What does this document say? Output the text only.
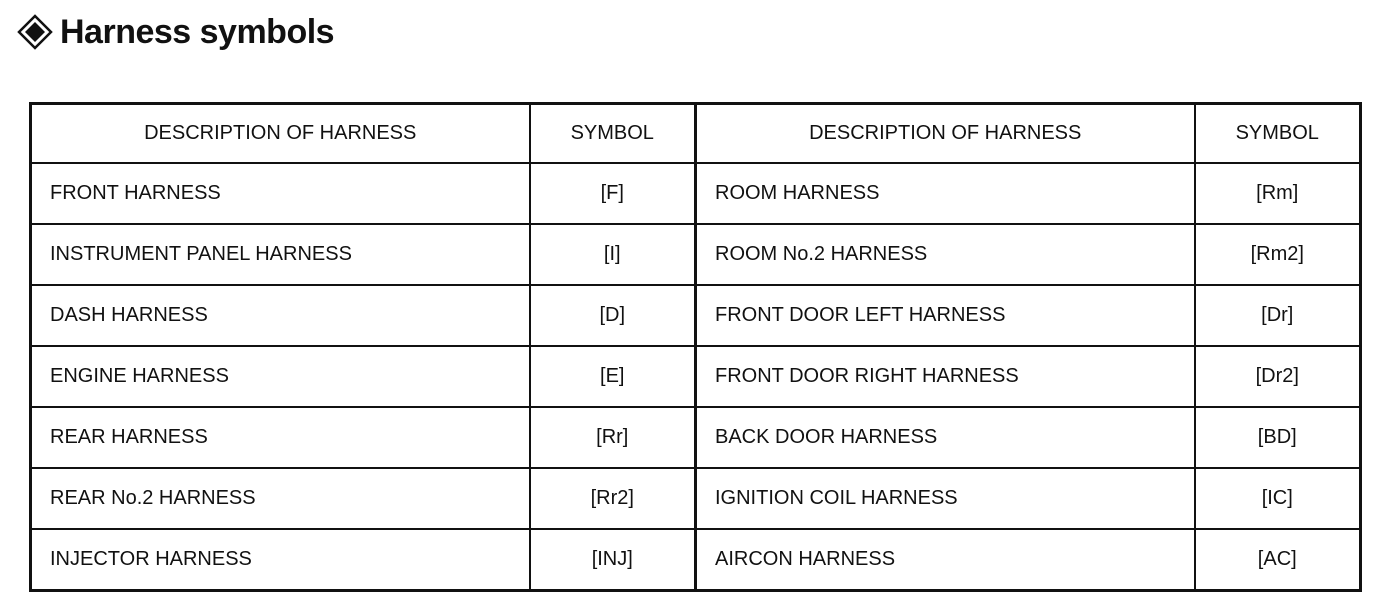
Harness symbols
DESCRIPTION OF HARNESS	SYMBOL	DESCRIPTION OF HARNESS	SYMBOL
FRONT HARNESS	[F]	ROOM HARNESS	[Rm]
INSTRUMENT PANEL HARNESS	[I]	ROOM No.2 HARNESS	[Rm2]
DASH HARNESS	[D]	FRONT DOOR LEFT HARNESS	[Dr]
ENGINE HARNESS	[E]	FRONT DOOR RIGHT HARNESS	[Dr2]
REAR HARNESS	[Rr]	BACK DOOR HARNESS	[BD]
REAR No.2 HARNESS	[Rr2]	IGNITION COIL HARNESS	[IC]
INJECTOR HARNESS	[INJ]	AIRCON HARNESS	[AC]
